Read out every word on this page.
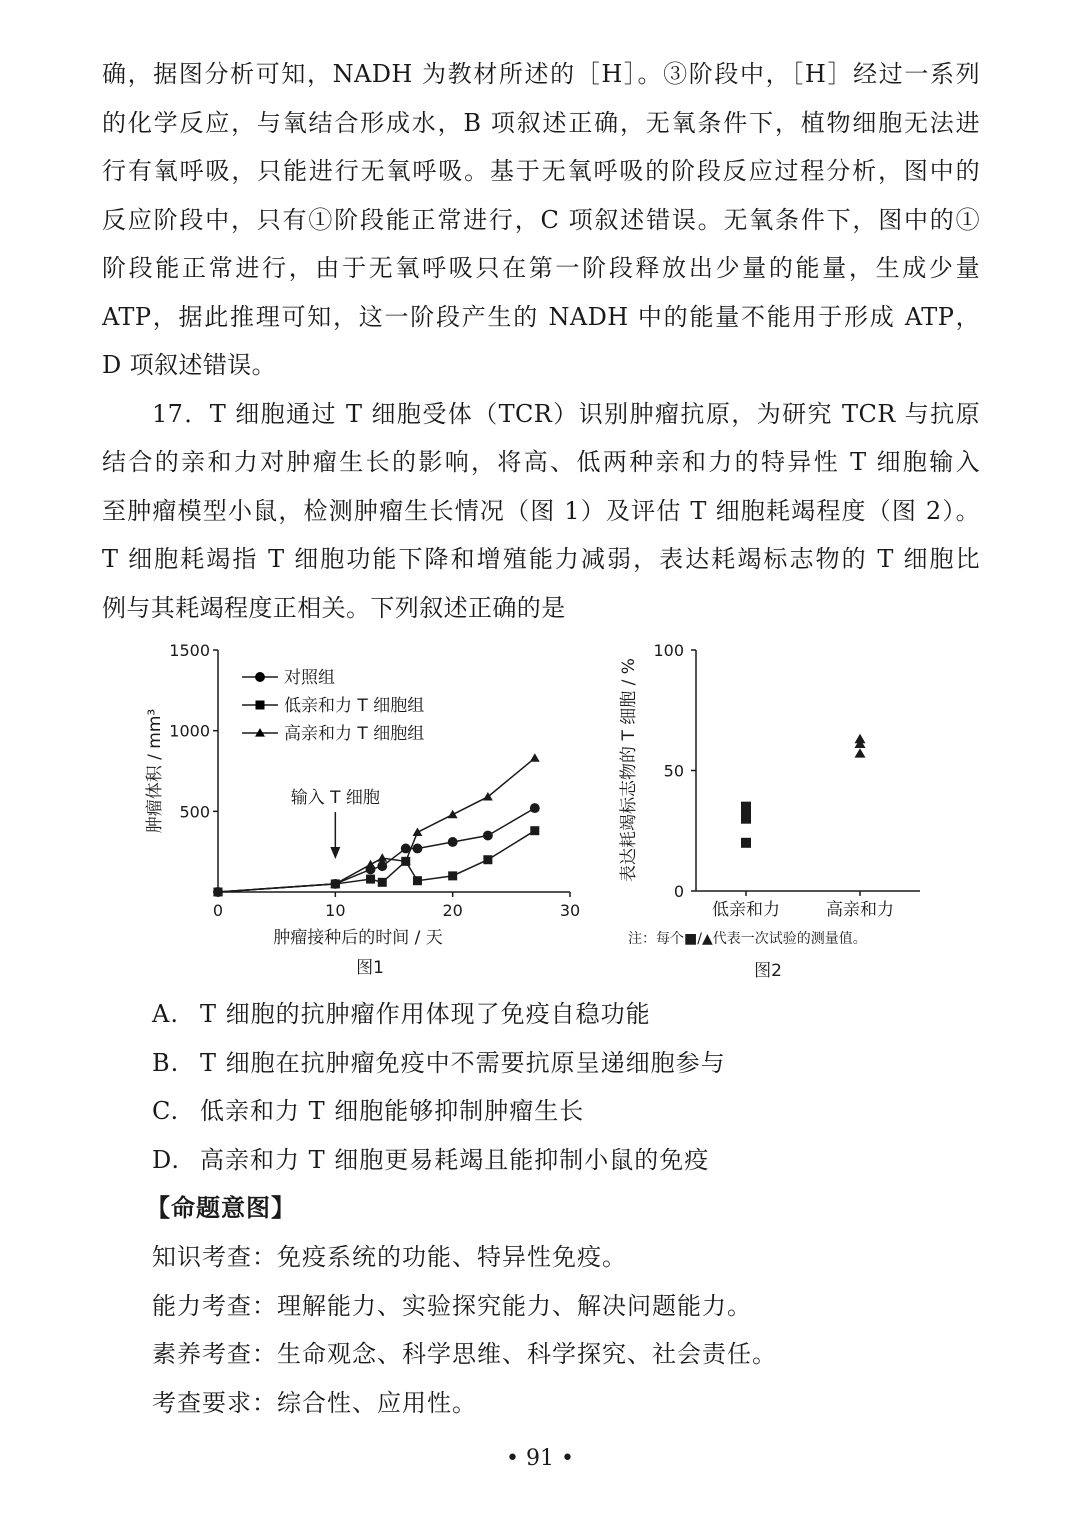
确，据图分析可知，NADH 为教材所述的［H］。③阶段中，［H］经过一系列
的化学反应，与氧结合形成水，B 项叙述正确，无氧条件下，植物细胞无法进
行有氧呼吸，只能进行无氧呼吸。基于无氧呼吸的阶段反应过程分析，图中的
反应阶段中，只有①阶段能正常进行，C 项叙述错误。无氧条件下，图中的①
阶段能正常进行，由于无氧呼吸只在第一阶段释放出少量的能量，生成少量
ATP，据此推理可知，这一阶段产生的 NADH 中的能量不能用于形成 ATP，
D 项叙述错误。
17．T 细胞通过 T 细胞受体（TCR）识别肿瘤抗原，为研究 TCR 与抗原
结合的亲和力对肿瘤生长的影响，将高、低两种亲和力的特异性 T 细胞输入
至肿瘤模型小鼠，检测肿瘤生长情况（图 1）及评估 T 细胞耗竭程度（图 2）。
T 细胞耗竭指 T 细胞功能下降和增殖能力减弱，表达耗竭标志物的 T 细胞比
例与其耗竭程度正相关。下列叙述正确的是
0	10	20	30
500
1000
1500
对照组
低亲和力 T 细胞组
高亲和力 T 细胞组
输入 T 细胞
肿瘤接种后的时间 / 天
肿瘤体积 / mm³
图1
0
50
100
低亲和力	高亲和力
表达耗竭标志物的 T 细胞 / %
注：每个■/▲代表一次试验的测量值。
图2
A. T 细胞的抗肿瘤作用体现了免疫自稳功能
B. T 细胞在抗肿瘤免疫中不需要抗原呈递细胞参与
C. 低亲和力 T 细胞能够抑制肿瘤生长
D. 高亲和力 T 细胞更易耗竭且能抑制小鼠的免疫
【命题意图】
知识考查：免疫系统的功能、特异性免疫。
能力考查：理解能力、实验探究能力、解决问题能力。
素养考查：生命观念、科学思维、科学探究、社会责任。
考查要求：综合性、应用性。
• 91 •
